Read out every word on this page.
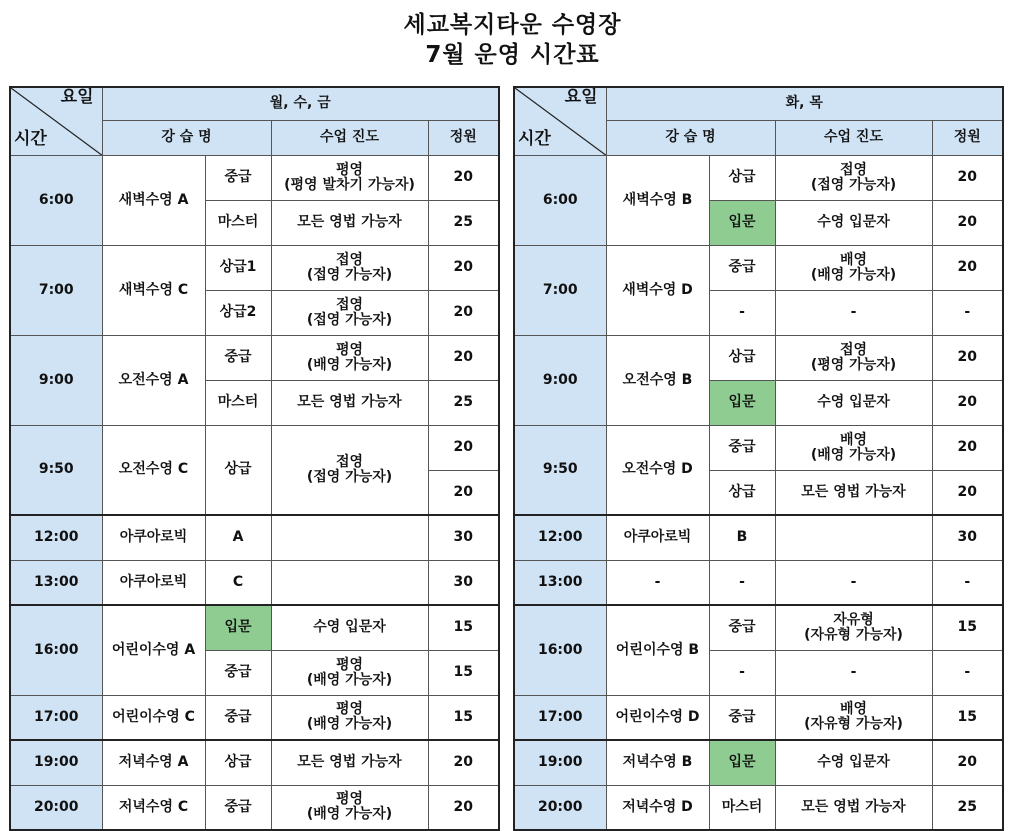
세교복지타운 수영장
7월 운영 시간표
요일
시간	월, 수, 금			
	강 습 명		수업 진도	정원
6:00	새벽수영 A	중급	평영
(평영 발차기 가능자)	20
		마스터	모든 영법 가능자	25
7:00	새벽수영 C	상급1	접영
(접영 가능자)	20
		상급2	접영
(접영 가능자)	20
9:00	오전수영 A	중급	평영
(배영 가능자)	20
		마스터	모든 영법 가능자	25
9:50	오전수영 C	상급	접영
(접영 가능자)	20
				20
12:00	아쿠아로빅	A		30
13:00	아쿠아로빅	C		30
16:00	어린이수영 A	입문	수영 입문자	15
		중급	평영
(배영 가능자)	15
17:00	어린이수영 C	중급	평영
(배영 가능자)	15
19:00	저녁수영 A	상급	모든 영법 가능자	20
20:00	저녁수영 C	중급	평영
(배영 가능자)	20
요일
시간	화, 목			
	강 습 명		수업 진도	정원
6:00	새벽수영 B	상급	접영
(접영 가능자)	20
		입문	수영 입문자	20
7:00	새벽수영 D	중급	배영
(배영 가능자)	20
		-	-	-
9:00	오전수영 B	상급	접영
(평영 가능자)	20
		입문	수영 입문자	20
9:50	오전수영 D	중급	배영
(배영 가능자)	20
		상급	모든 영법 가능자	20
12:00	아쿠아로빅	B		30
13:00	-	-	-	-
16:00	어린이수영 B	중급	자유형
(자유형 가능자)	15
		-	-	-
17:00	어린이수영 D	중급	배영
(자유형 가능자)	15
19:00	저녁수영 B	입문	수영 입문자	20
20:00	저녁수영 D	마스터	모든 영법 가능자	25
